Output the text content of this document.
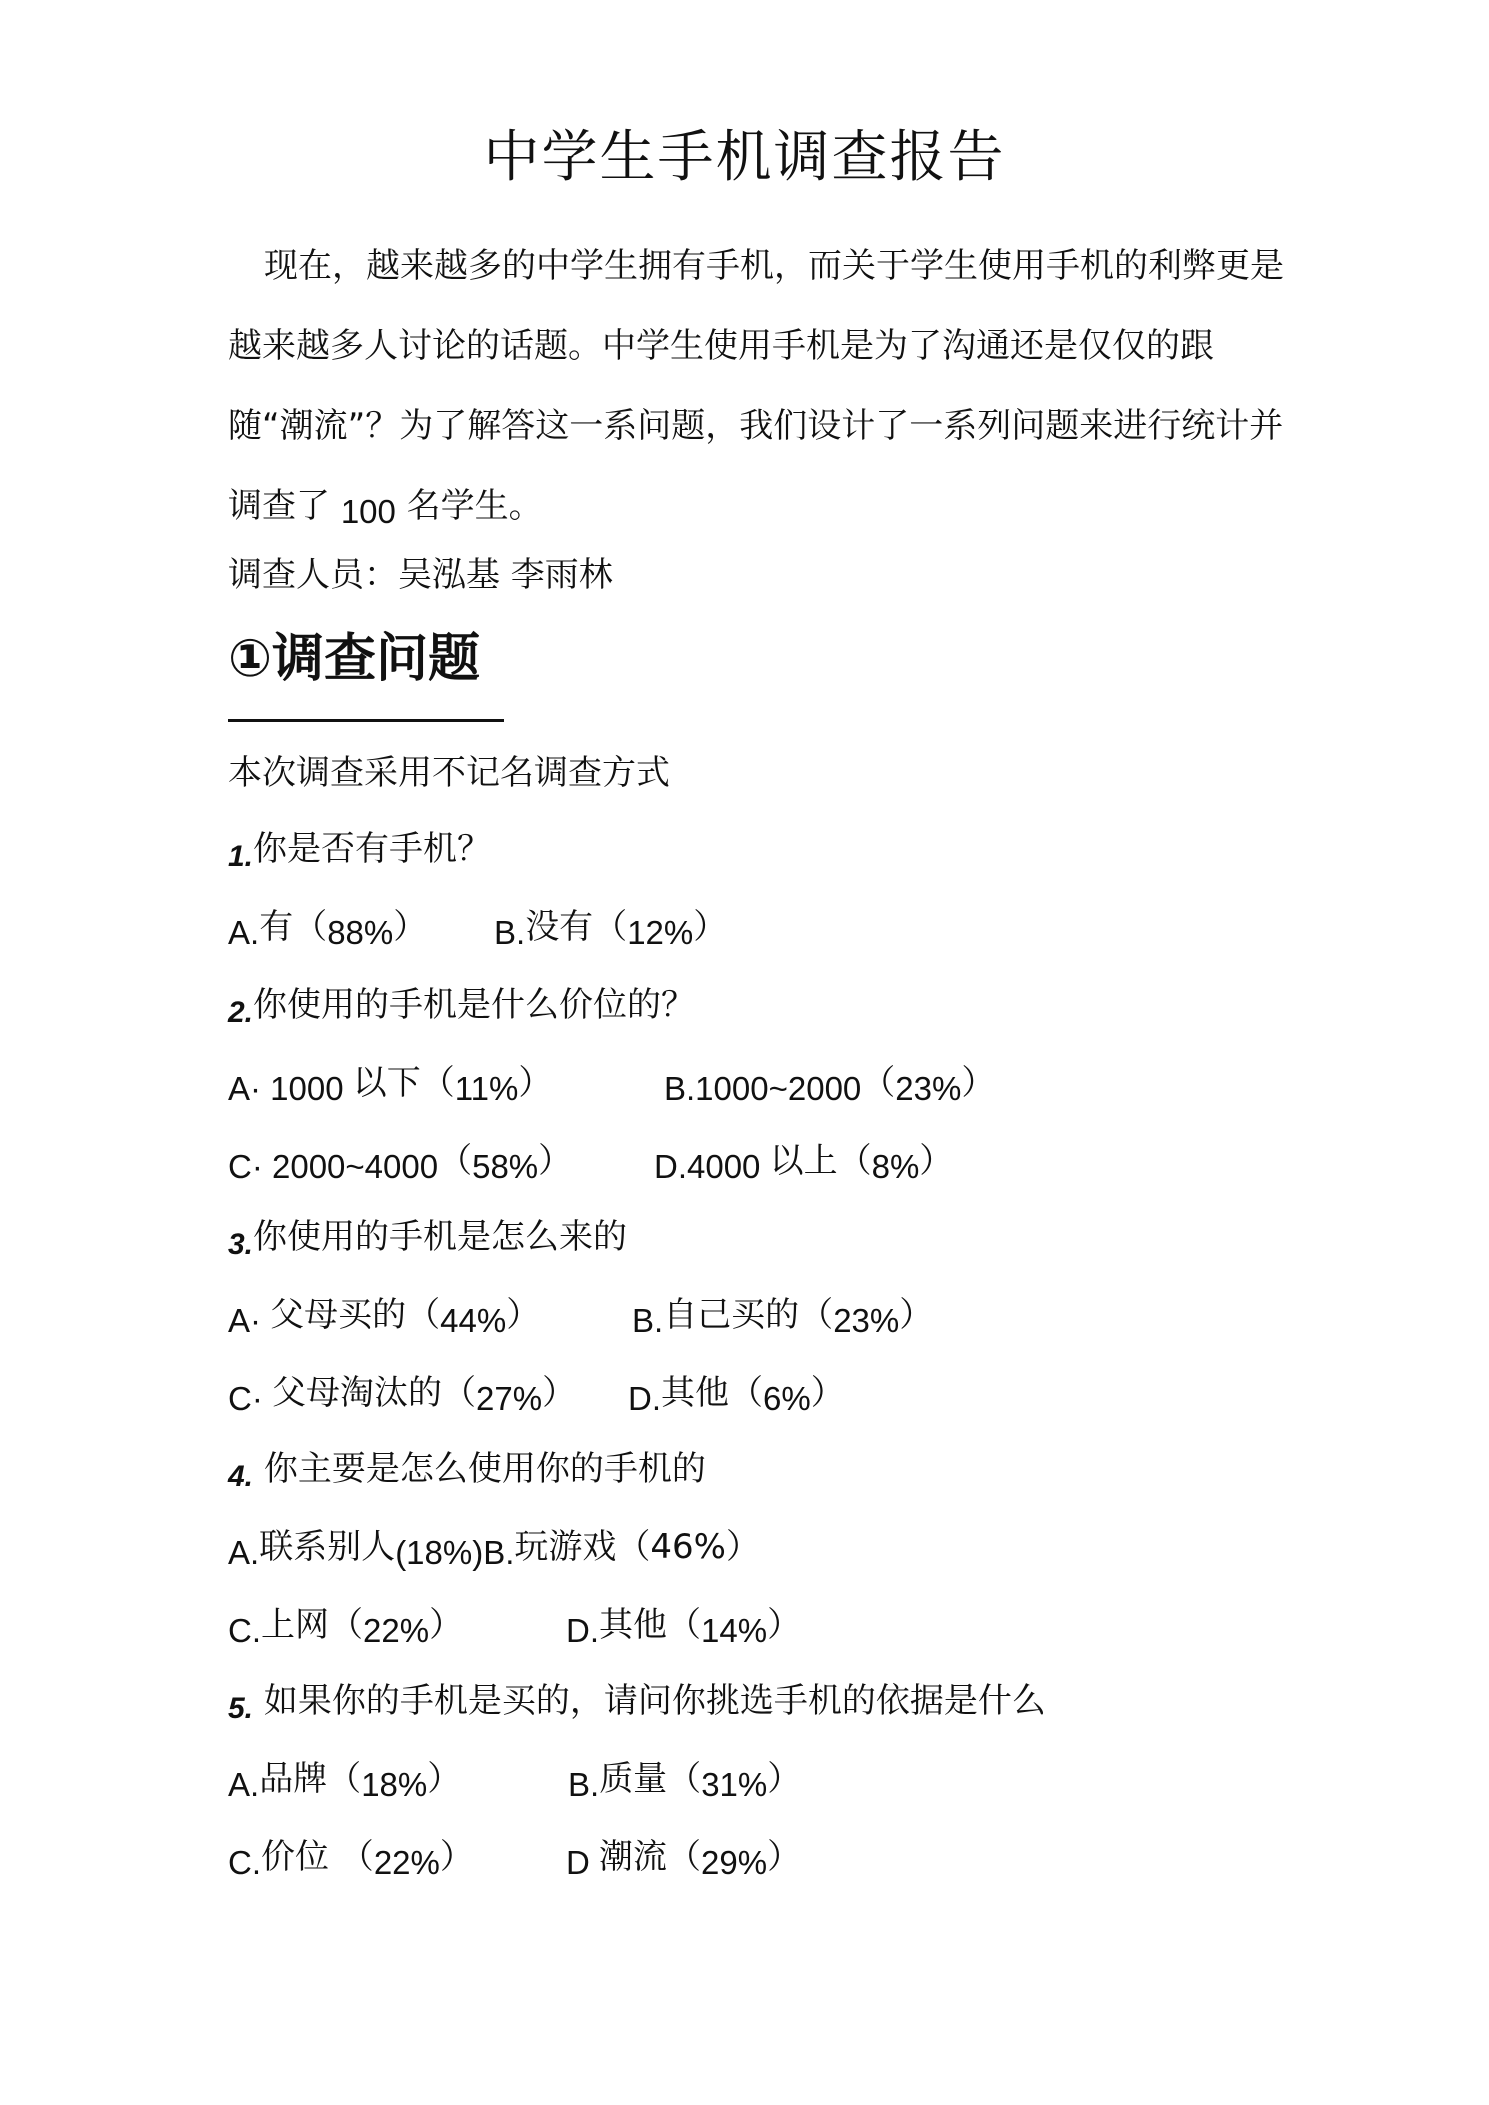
中学生手机调查报告

现在，越来越多的中学生拥有手机，而关于学生使用手机的利弊更是越来越多人讨论的话题。中学生使用手机是为了沟通还是仅仅的跟随“潮流”？为了解答这一系问题，我们设计了一系列问题来进行统计并调查了 100 名学生。

调查人员：吴泓基 李雨林
①调查问题
本次调查采用不记名调查方式
1.你是否有手机？
A.有（88%） B.没有（12%）
2.你使用的手机是什么价位的？
A· 1000 以下（11%）	B.1000~2000（23%）
C· 2000~4000（58%） D.4000 以上（8%）
3.你使用的手机是怎么来的
A· 父母买的（44%）	B.自己买的（23%）
C· 父母淘汰的（27%） D.其他（6%）
4. 你主要是怎么使用你的手机的
A.联系别人(18%)B.玩游戏（46%）
C.上网（22%）	D.其他（14%）
5. 如果你的手机是买的，请问你挑选手机的依据是什么
A.品牌（18%）	B.质量（31%）
C.价位 （22%）	D 潮流（29%）
